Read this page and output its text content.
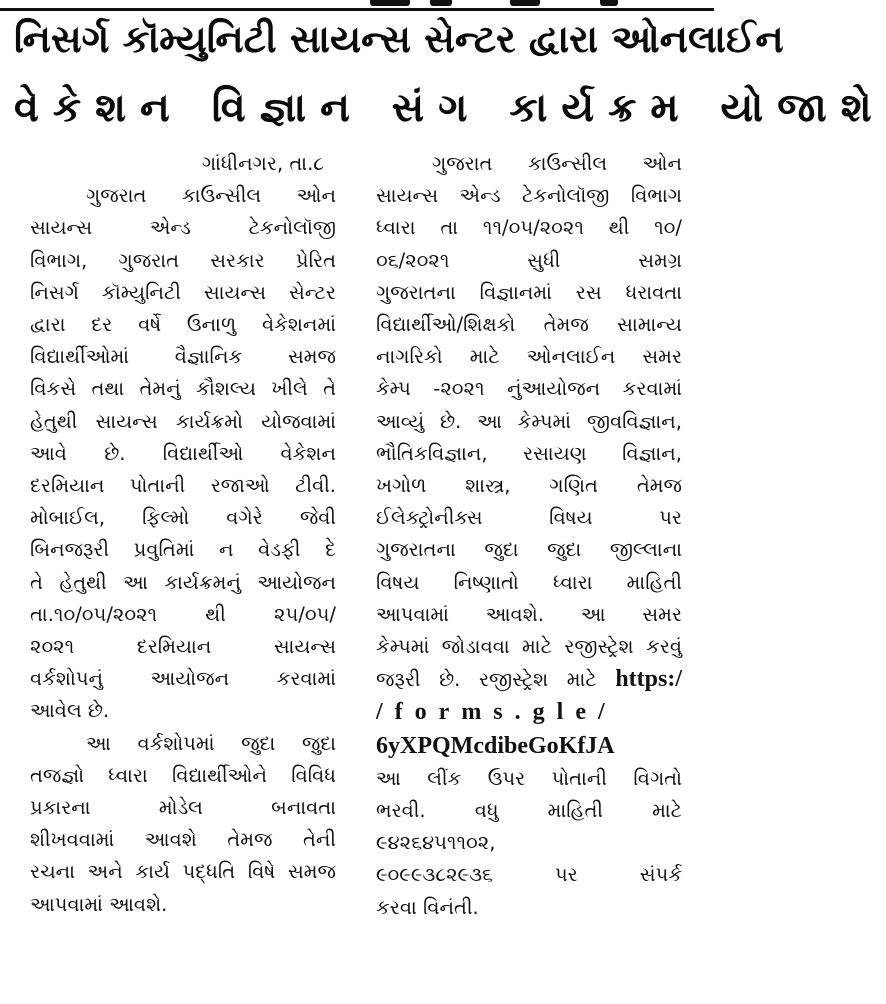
નિસર્ગ કૉમ્યુનિટી સાયન્સ સેન્ટર દ્વારા ઓનલાઈન
વેકેશન વિજ્ઞાન સંગ કાર્યક્રમ યોજાશે

ગાંધીનગર, તા.૮

ગુજરાત કાઉન્સીલ ઓન

સાયન્સ એન્ડ ટેકનોલૉજી

વિભાગ, ગુજરાત સરકાર પ્રેરિત

નિસર્ગ કૉમ્યુનિટી સાયન્સ સેન્ટર

દ્વારા દર વર્ષે ઉનાળુ વેકેશનમાં

વિદ્યાર્થીઓમાં વૈજ્ઞાનિક સમજ

વિકસે તથા તેમનું કૌશલ્ય ખીલે તે

હેતુથી સાયન્સ કાર્યક્રમો યોજવામાં

આવે છે. વિદ્યાર્થીઓ વેકેશન

દરમિયાન પોતાની રજાઓ ટીવી.

મોબાઈલ, ફિલ્મો વગેરે જેવી

બિનજરૂરી પ્રવુતિમાં ન વેડફી દે

તે હેતુથી આ કાર્યક્રમનું આયોજન

તા.૧૦/૦૫/૨૦૨૧ થી ૨૫/૦૫/

૨૦૨૧ દરમિયાન સાયન્સ

વર્કશોપનું આયોજન કરવામાં

આવેલ છે.

આ વર્કશોપમાં જુદા જુદા

તજજ્ઞો ધ્વારા વિદ્યાર્થીઓને વિવિધ

પ્રકારના મોડેલ બનાવતા

શીખવવામાં આવશે તેમજ તેની

રચના અને કાર્ય પદ્ધતિ વિષે સમજ

આપવામાં આવશે.

ગુજરાત કાઉન્સીલ ઓન

સાયન્સ એન્ડ ટેકનોલૉજી વિભાગ

ધ્વારા તા ૧૧/૦૫/૨૦૨૧ થી ૧૦/

૦૬/૨૦૨૧ સુધી સમગ્ર

ગુજરાતના વિજ્ઞાનમાં રસ ધરાવતા

વિદ્યાર્થીઓ/શિક્ષકો તેમજ સામાન્ય

નાગરિકો માટે ઓનલાઈન સમર

કેમ્પ -૨૦૨૧ નુંઆયોજન કરવામાં

આવ્યું છે. આ કેમ્પમાં જીવવિજ્ઞાન,

ભૌતિકવિજ્ઞાન, રસાયણ વિજ્ઞાન,

ખગોળ શાસ્ત્ર, ગણિત તેમજ

ઈલેક્ટ્રોનીક્સ વિષય પર

ગુજરાતના જુદા જુદા જીલ્લાના

વિષય નિષ્ણાતો ધ્વારા માહિતી

આપવામાં આવશે. આ સમર

કેમ્પમાં જોડાવવા માટે રજીસ્ટ્રેશ કરવું

જરૂરી છે. રજીસ્ટ્રેશ માટે https:/

/forms.gle/

6yXPQMcdibeGoKfJA

આ લીંક ઉપર પોતાની વિગતો

ભરવી. વધુ માહિતી માટે

૯૪૨૬૪૫૧૧૦૨,

૯૦૯૯૩૮૨૯૩૬ પર સંપર્ક

કરવા વિનંતી.
